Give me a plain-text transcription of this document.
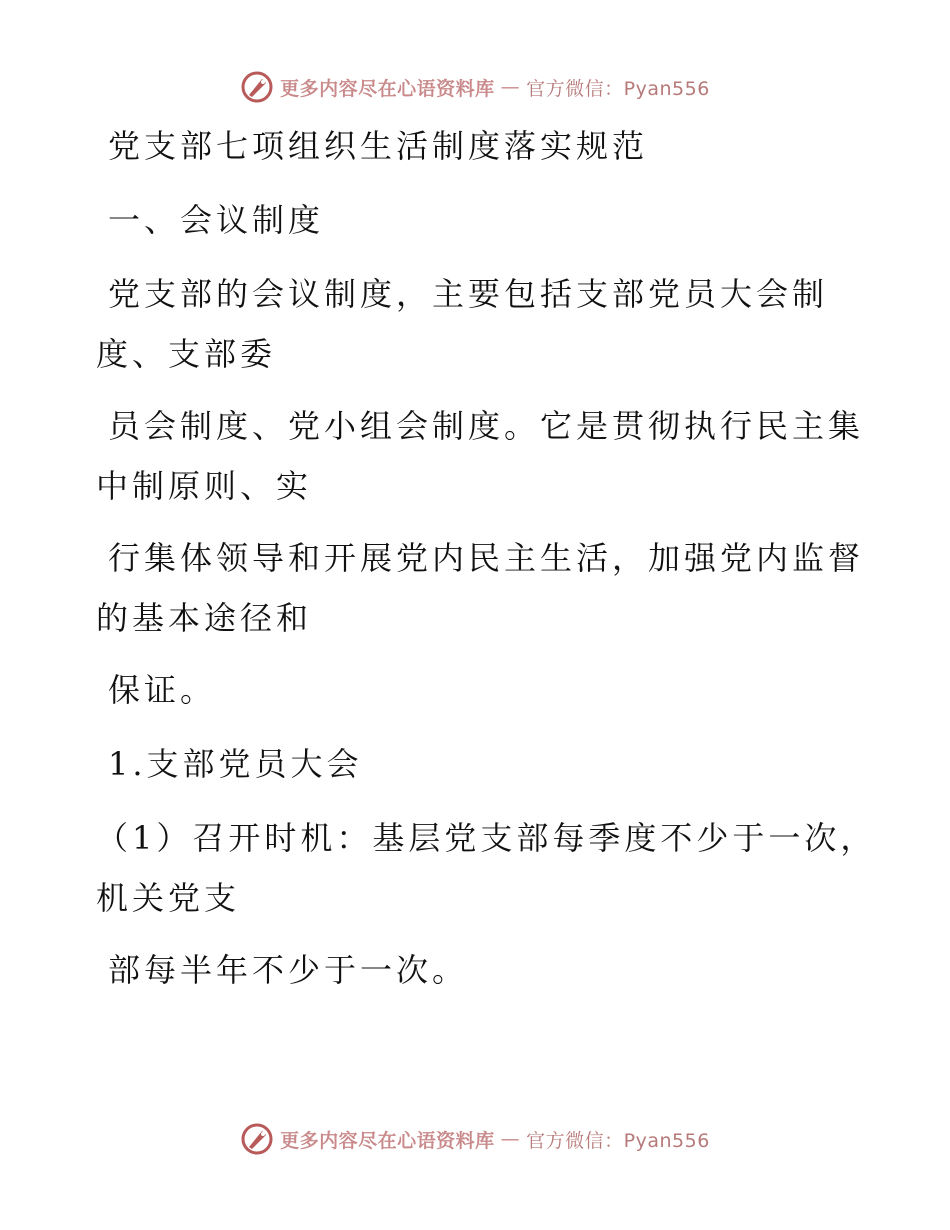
更多内容尽在心语资料库 — 官方微信：Pyan556
党支部七项组织生活制度落实规范
一、会议制度
党支部的会议制度，主要包括支部党员大会制
度、支部委
员会制度、党小组会制度。它是贯彻执行民主集
中制原则、实
行集体领导和开展党内民主生活，加强党内监督
的基本途径和
保证。
1.支部党员大会
（1）召开时机：基层党支部每季度不少于一次，
机关党支
部每半年不少于一次。
更多内容尽在心语资料库 — 官方微信：Pyan556
